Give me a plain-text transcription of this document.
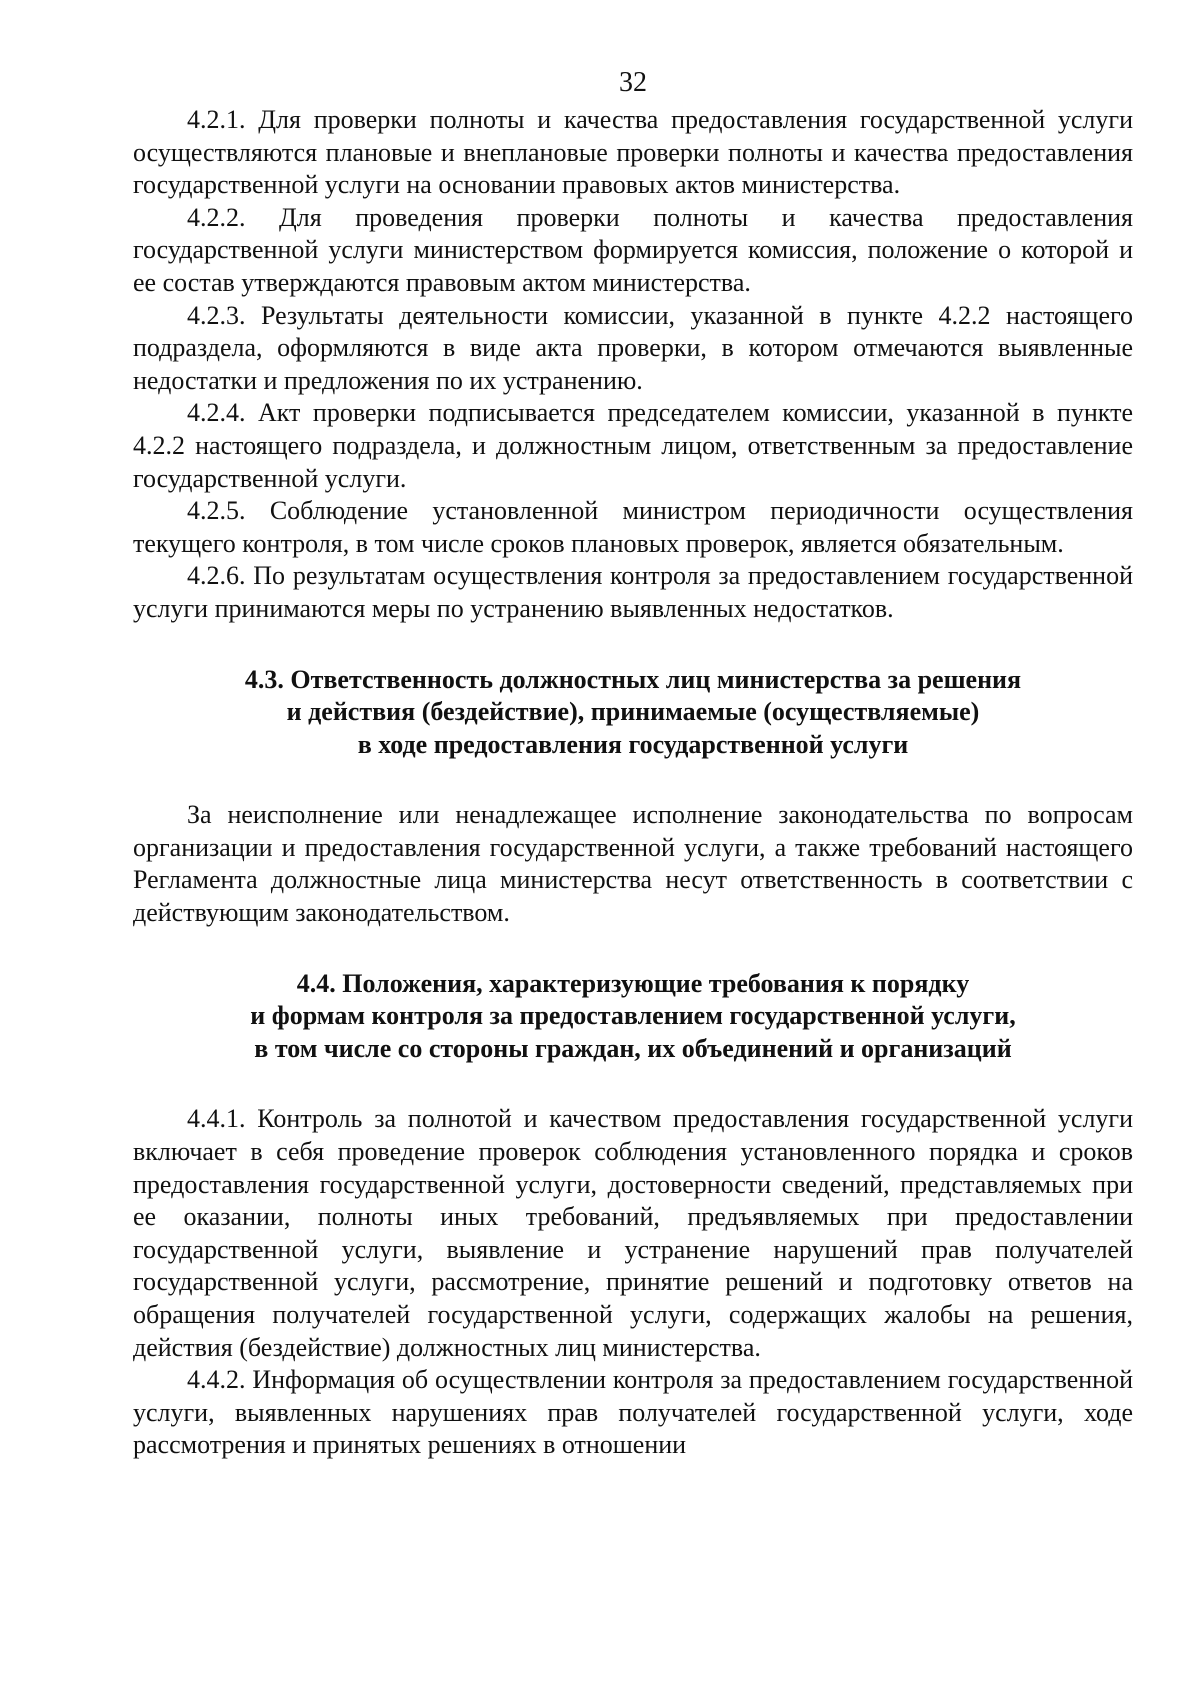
32

4.2.1. Для проверки полноты и качества предоставления государственной услуги осуществляются плановые и внеплановые проверки полноты и качества предоставления государственной услуги на основании правовых актов министерства.

4.2.2. Для проведения проверки полноты и качества предоставления государственной услуги министерством формируется комиссия, положение о которой и ее состав утверждаются правовым актом министерства.

4.2.3. Результаты деятельности комиссии, указанной в пункте 4.2.2 настоящего подраздела, оформляются в виде акта проверки, в котором отмечаются выявленные недостатки и предложения по их устранению.

4.2.4. Акт проверки подписывается председателем комиссии, указанной в пункте 4.2.2 настоящего подраздела, и должностным лицом, ответственным за предоставление государственной услуги.

4.2.5. Соблюдение установленной министром периодичности осуществления текущего контроля, в том числе сроков плановых проверок, является обязательным.

4.2.6. По результатам осуществления контроля за предоставлением государственной услуги принимаются меры по устранению выявленных недостатков.

4.3. Ответственность должностных лиц министерства за решения
и действия (бездействие), принимаемые (осуществляемые)
в ходе предоставления государственной услуги

За неисполнение или ненадлежащее исполнение законодательства по вопросам организации и предоставления государственной услуги, а также требований настоящего Регламента должностные лица министерства несут ответственность в соответствии с действующим законодательством.

4.4. Положения, характеризующие требования к порядку
и формам контроля за предоставлением государственной услуги,
в том числе со стороны граждан, их объединений и организаций

4.4.1. Контроль за полнотой и качеством предоставления государственной услуги включает в себя проведение проверок соблюдения установленного порядка и сроков предоставления государственной услуги, достоверности сведений, представляемых при ее оказании, полноты иных требований, предъявляемых при предоставлении государственной услуги, выявление и устранение нарушений прав получателей государственной услуги, рассмотрение, принятие решений и подготовку ответов на обращения получателей государственной услуги, содержащих жалобы на решения, действия (бездействие) должностных лиц министерства.

4.4.2. Информация об осуществлении контроля за предоставлением государственной услуги, выявленных нарушениях прав получателей государственной услуги, ходе рассмотрения и принятых решениях в отношении
